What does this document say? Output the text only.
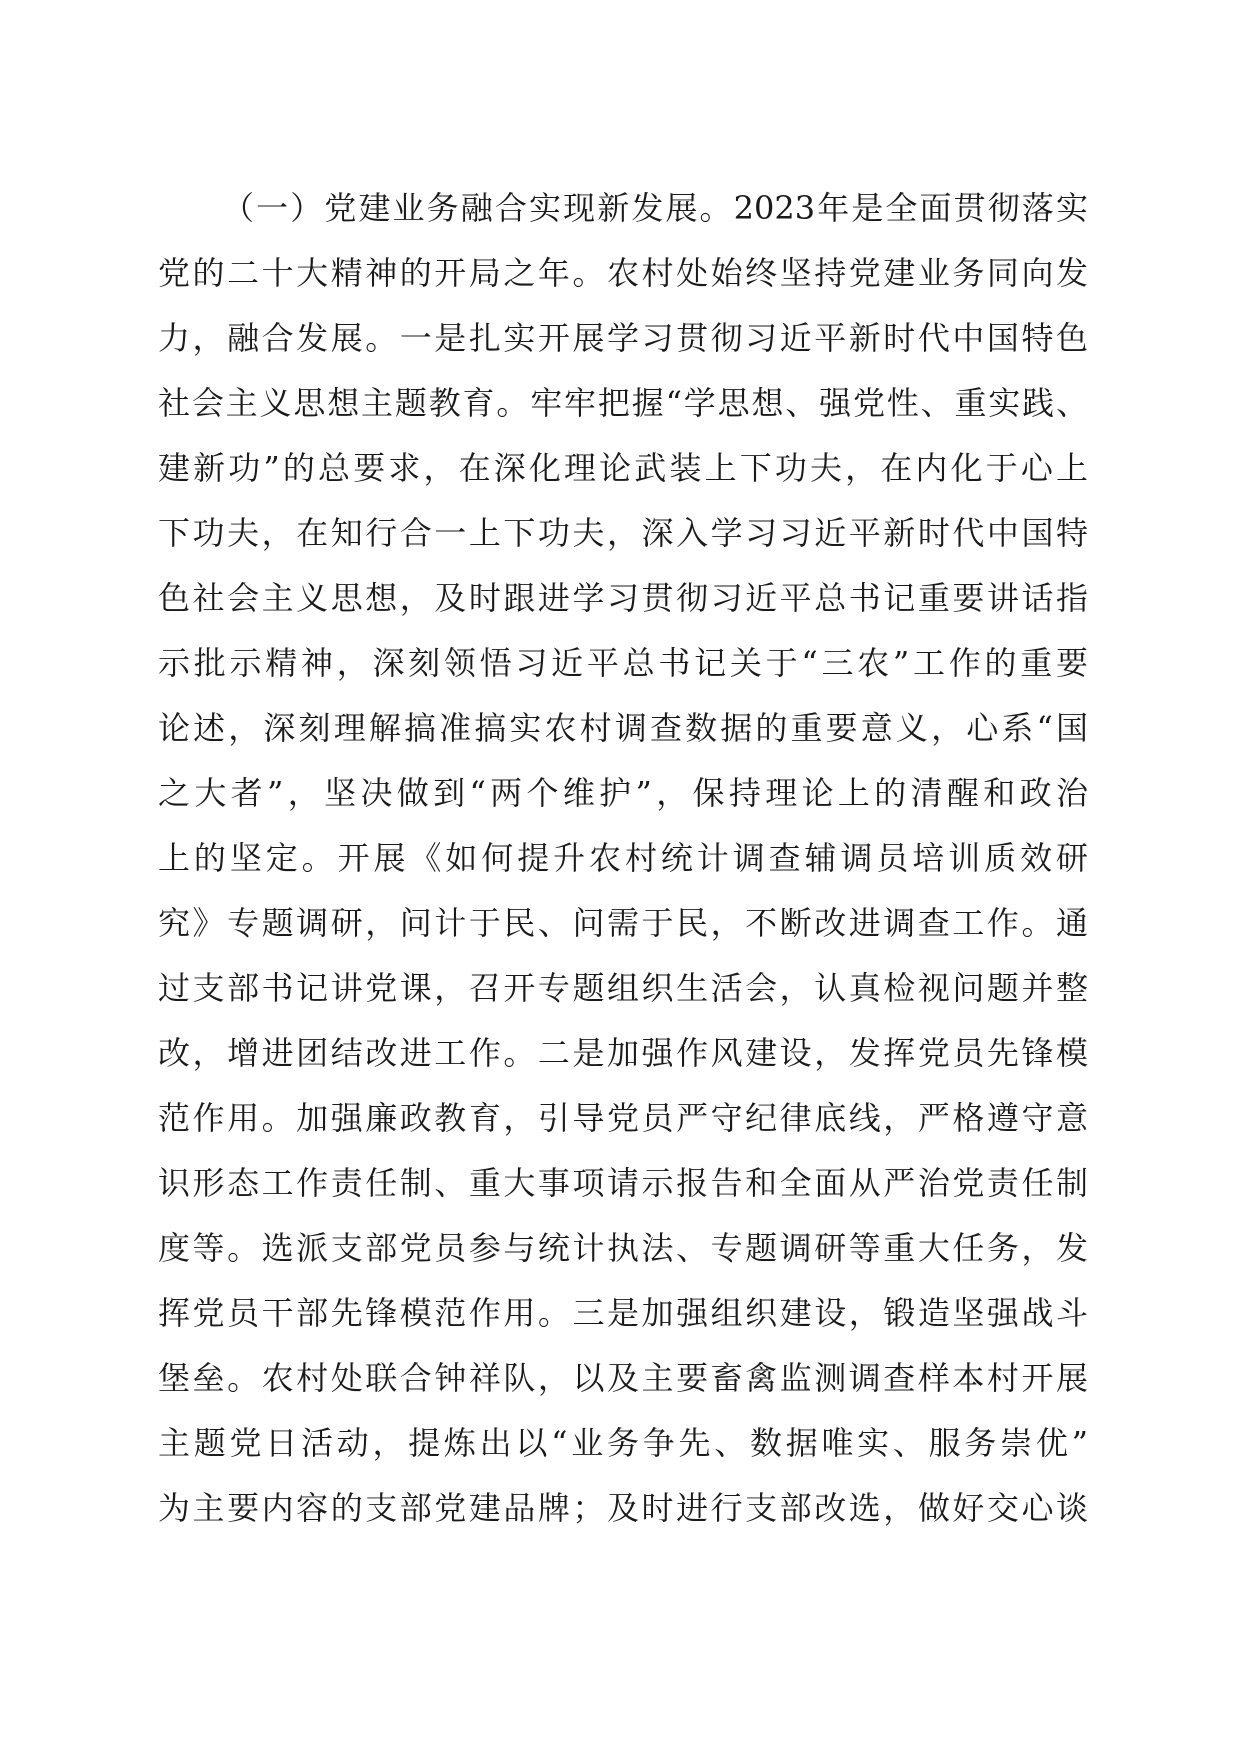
（一）党建业务融合实现新发展。2023年是全面贯彻落实
党的二十大精神的开局之年。农村处始终坚持党建业务同向发
力，融合发展。一是扎实开展学习贯彻习近平新时代中国特色
社会主义思想主题教育。牢牢把握“学思想、强党性、重实践、
建新功”的总要求，在深化理论武装上下功夫，在内化于心上
下功夫，在知行合一上下功夫，深入学习习近平新时代中国特
色社会主义思想，及时跟进学习贯彻习近平总书记重要讲话指
示批示精神，深刻领悟习近平总书记关于“三农”工作的重要
论述，深刻理解搞准搞实农村调查数据的重要意义，心系“国
之大者”，坚决做到“两个维护”，保持理论上的清醒和政治
上的坚定。开展《如何提升农村统计调查辅调员培训质效研
究》专题调研，问计于民、问需于民，不断改进调查工作。通
过支部书记讲党课，召开专题组织生活会，认真检视问题并整
改，增进团结改进工作。二是加强作风建设，发挥党员先锋模
范作用。加强廉政教育，引导党员严守纪律底线，严格遵守意
识形态工作责任制、重大事项请示报告和全面从严治党责任制
度等。选派支部党员参与统计执法、专题调研等重大任务，发
挥党员干部先锋模范作用。三是加强组织建设，锻造坚强战斗
堡垒。农村处联合钟祥队，以及主要畜禽监测调查样本村开展
主题党日活动，提炼出以“业务争先、数据唯实、服务崇优”
为主要内容的支部党建品牌；及时进行支部改选，做好交心谈
